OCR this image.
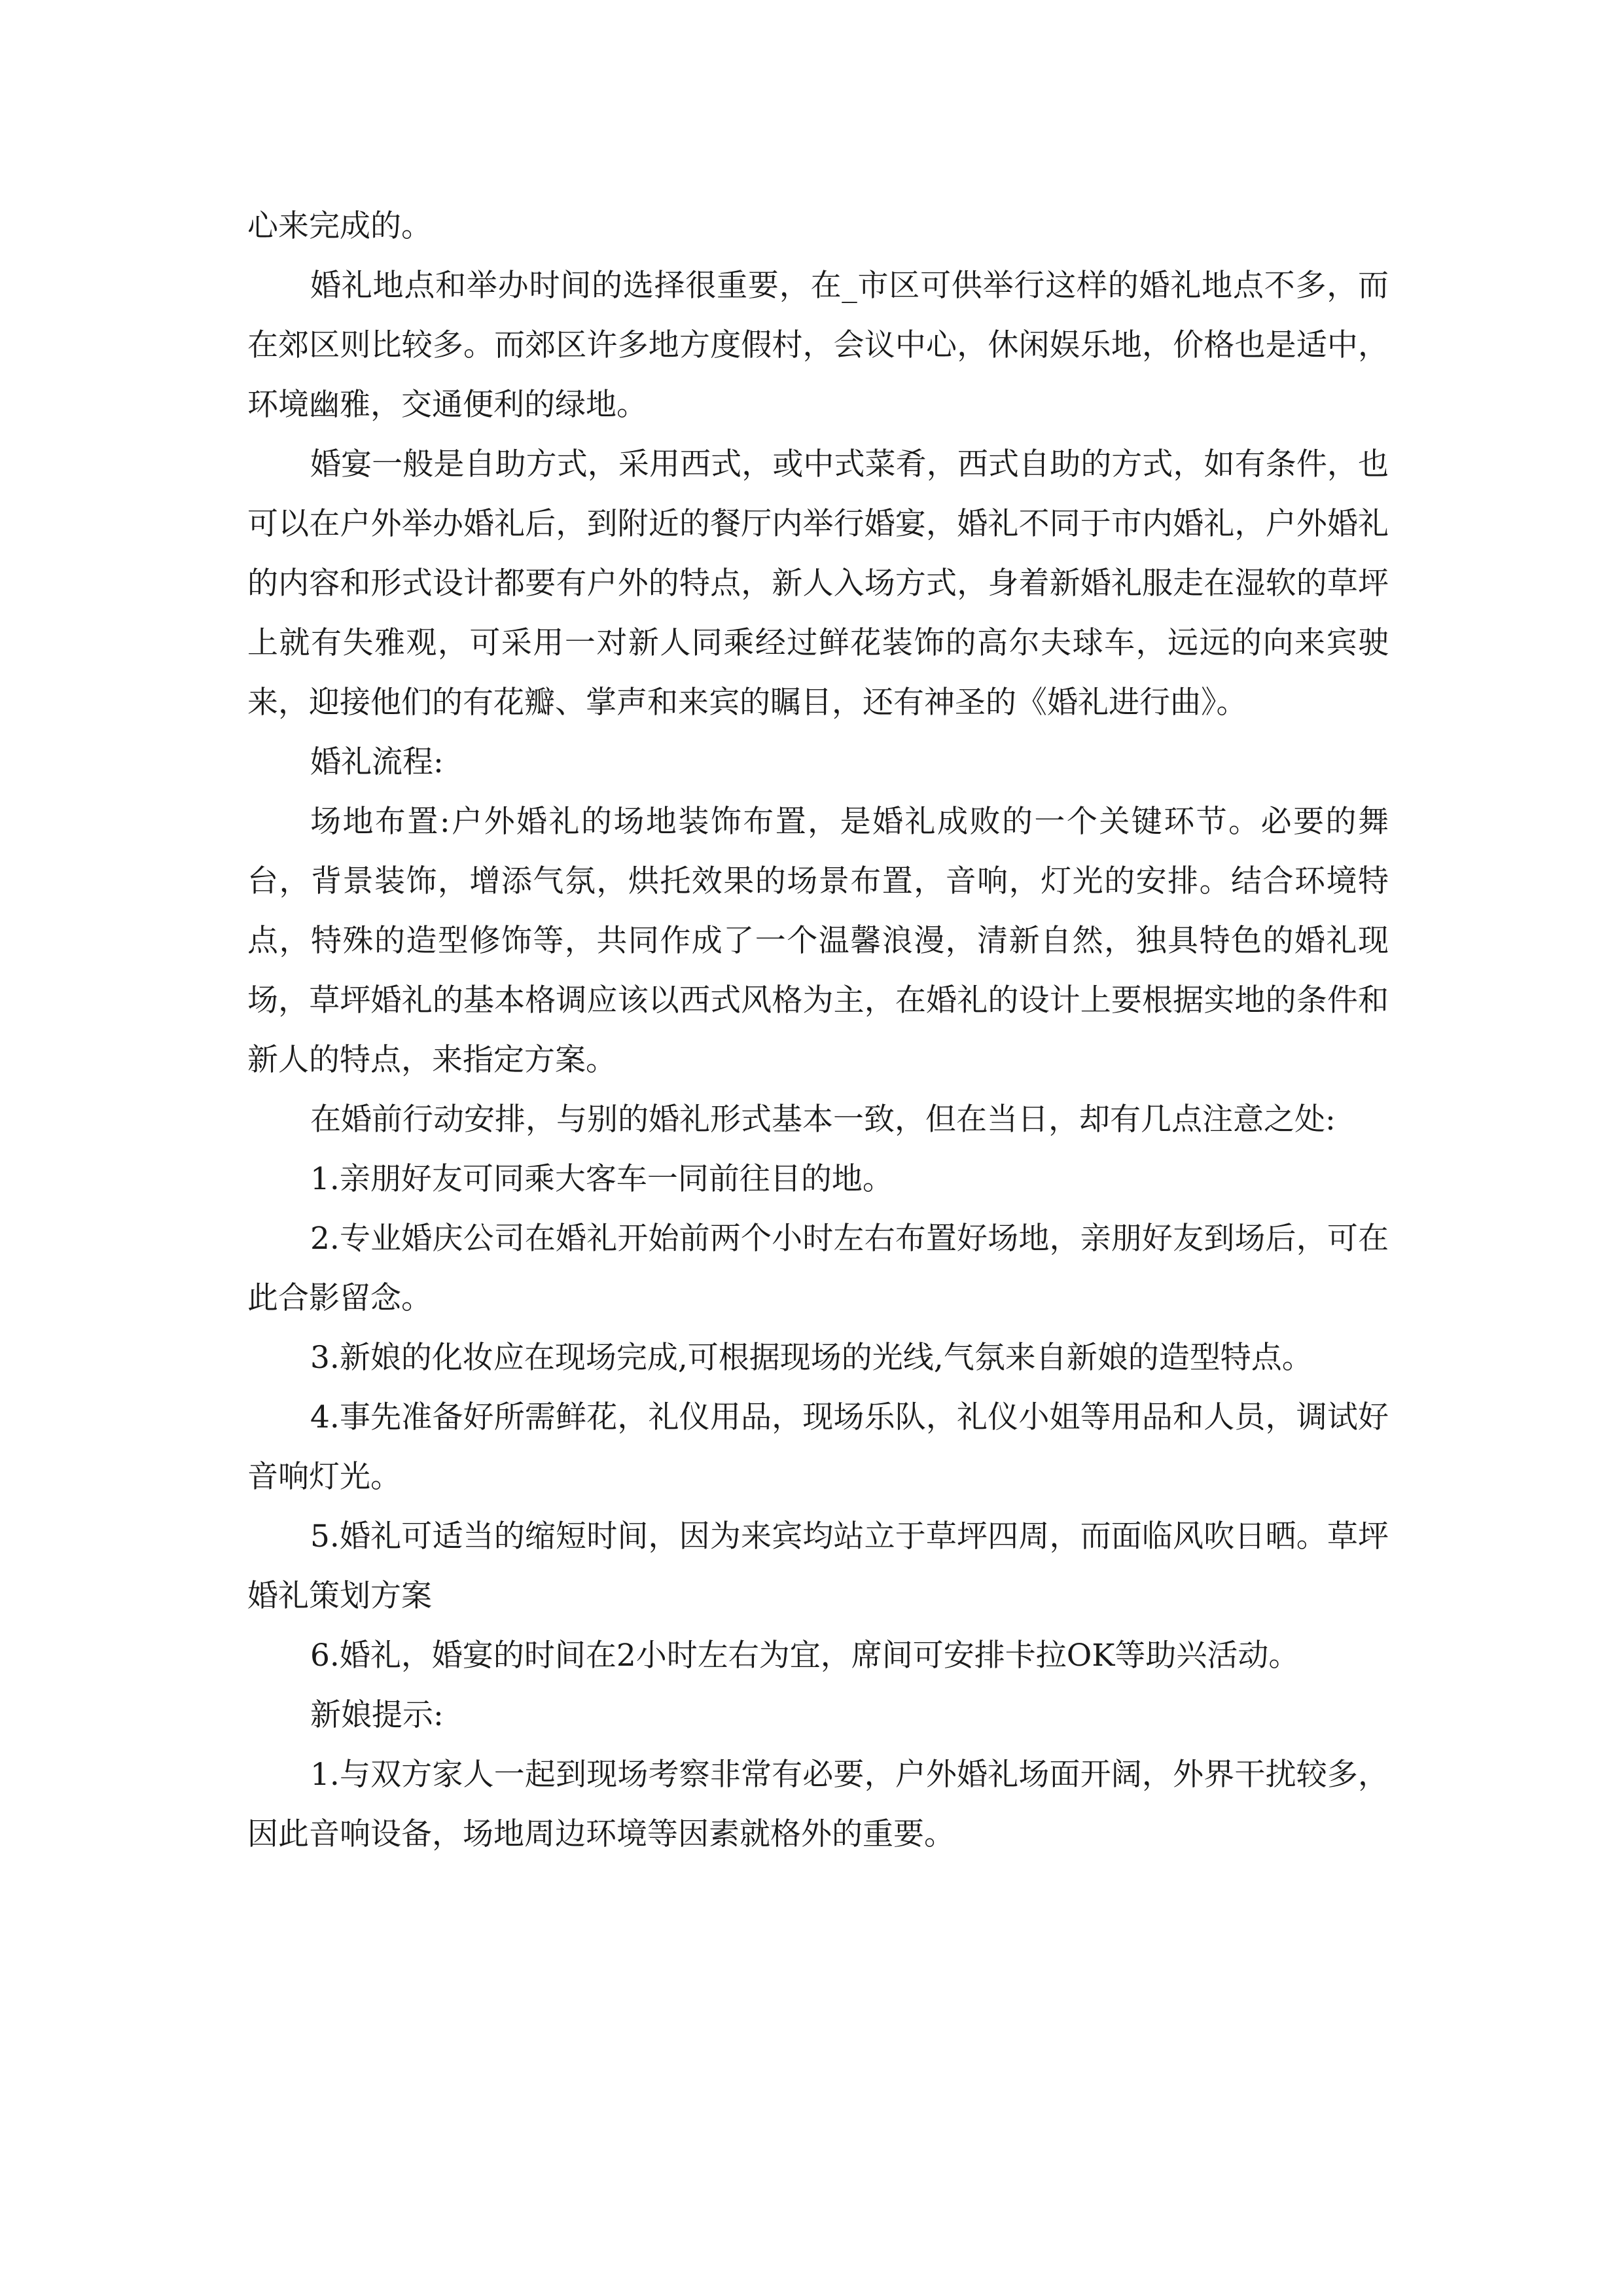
心来完成的。

婚礼地点和举办时间的选择很重要，在_市区可供举行这样的婚礼地点不多，而在郊区则比较多。而郊区许多地方度假村，会议中心，休闲娱乐地，价格也是适中，环境幽雅，交通便利的绿地。

婚宴一般是自助方式，采用西式，或中式菜肴，西式自助的方式，如有条件，也可以在户外举办婚礼后，到附近的餐厅内举行婚宴，婚礼不同于市内婚礼，户外婚礼的内容和形式设计都要有户外的特点，新人入场方式，身着新婚礼服走在湿软的草坪上就有失雅观，可采用一对新人同乘经过鲜花装饰的高尔夫球车，远远的向来宾驶来，迎接他们的有花瓣、掌声和来宾的瞩目，还有神圣的《婚礼进行曲》。

婚礼流程:

场地布置:户外婚礼的场地装饰布置，是婚礼成败的一个关键环节。必要的舞台，背景装饰，增添气氛，烘托效果的场景布置，音响，灯光的安排。结合环境特点，特殊的造型修饰等，共同作成了一个温馨浪漫，清新自然，独具特色的婚礼现场，草坪婚礼的基本格调应该以西式风格为主，在婚礼的设计上要根据实地的条件和新人的特点，来指定方案。

在婚前行动安排，与别的婚礼形式基本一致，但在当日，却有几点注意之处:

1.亲朋好友可同乘大客车一同前往目的地。

2.专业婚庆公司在婚礼开始前两个小时左右布置好场地，亲朋好友到场后，可在此合影留念。

3.新娘的化妆应在现场完成,可根据现场的光线,气氛来自新娘的造型特点。

4.事先准备好所需鲜花，礼仪用品，现场乐队，礼仪小姐等用品和人员，调试好音响灯光。

5.婚礼可适当的缩短时间，因为来宾均站立于草坪四周，而面临风吹日晒。草坪婚礼策划方案

6.婚礼，婚宴的时间在2小时左右为宜，席间可安排卡拉OK等助兴活动。

新娘提示:

1.与双方家人一起到现场考察非常有必要，户外婚礼场面开阔，外界干扰较多，因此音响设备，场地周边环境等因素就格外的重要。
